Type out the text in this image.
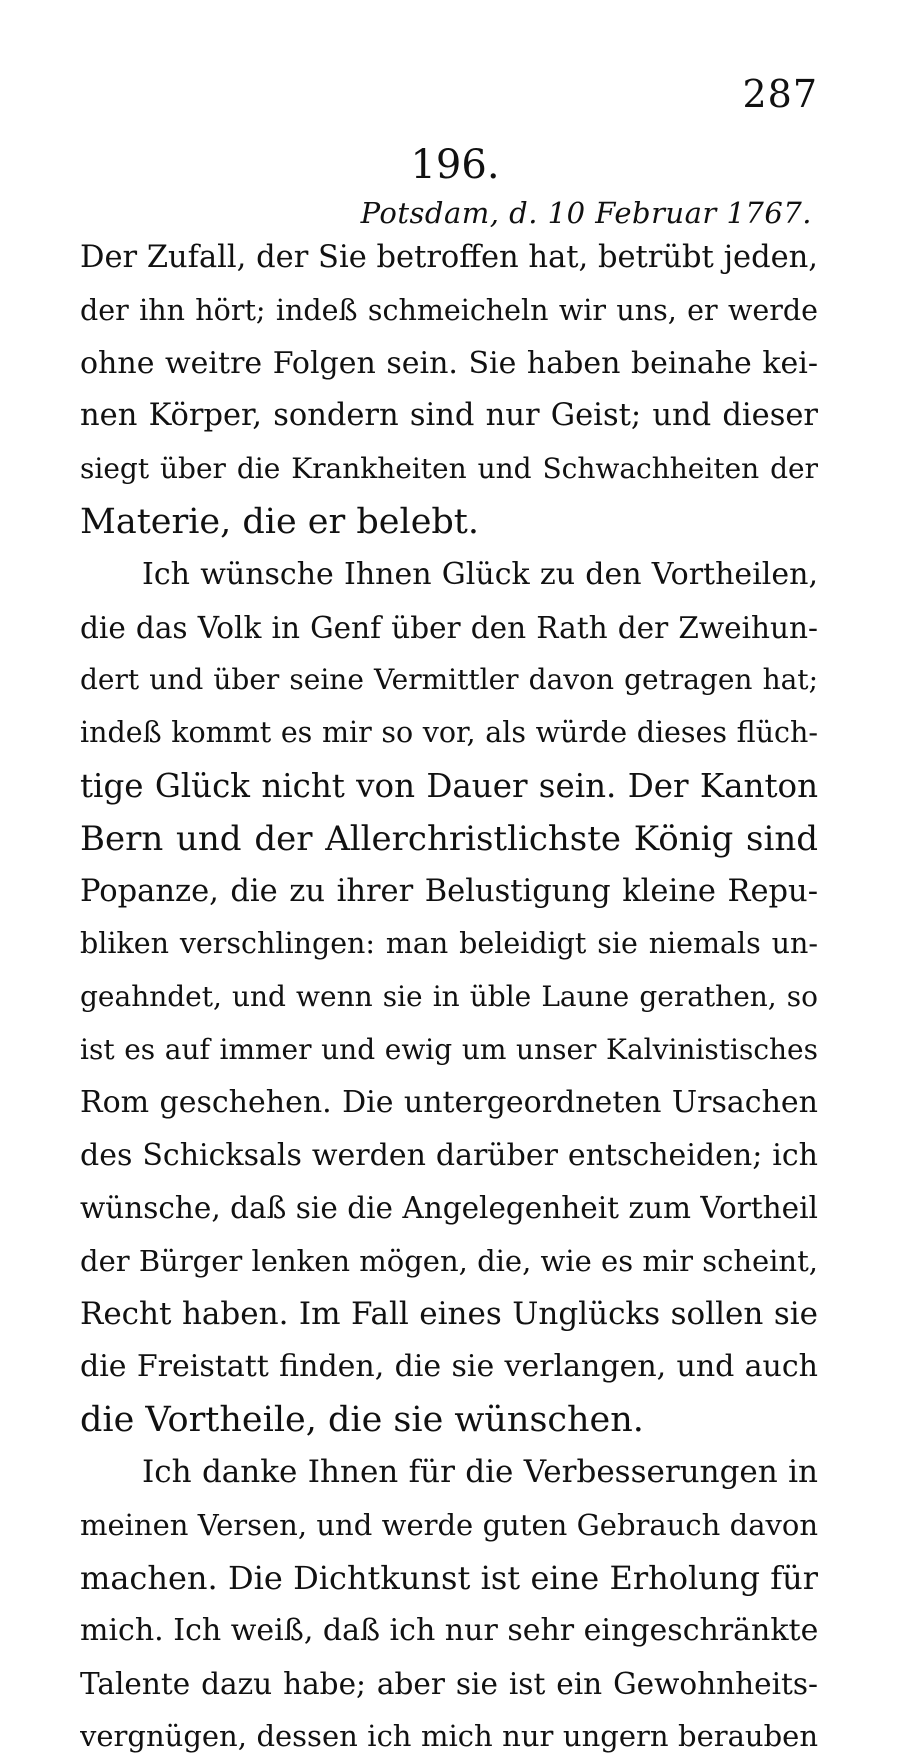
287
196.
Potsdam, d. 10 Februar 1767.
Der Zufall, der Sie betroffen hat, betrübt jeden,
der ihn hört; indeß schmeicheln wir uns, er werde
ohne weitre Folgen sein. Sie haben beinahe kei-
nen Körper, sondern sind nur Geist; und dieser
siegt über die Krankheiten und Schwachheiten der
Materie, die er belebt.
Ich wünsche Ihnen Glück zu den Vortheilen,
die das Volk in Genf über den Rath der Zweihun-
dert und über seine Vermittler davon getragen hat;
indeß kommt es mir so vor, als würde dieses flüch-
tige Glück nicht von Dauer sein. Der Kanton
Bern und der Allerchristlichste König sind
Popanze, die zu ihrer Belustigung kleine Repu-
bliken verschlingen: man beleidigt sie niemals un-
geahndet, und wenn sie in üble Laune gerathen, so
ist es auf immer und ewig um unser Kalvinistisches
Rom geschehen. Die untergeordneten Ursachen
des Schicksals werden darüber entscheiden; ich
wünsche, daß sie die Angelegenheit zum Vortheil
der Bürger lenken mögen, die, wie es mir scheint,
Recht haben. Im Fall eines Unglücks sollen sie
die Freistatt finden, die sie verlangen, und auch
die Vortheile, die sie wünschen.
Ich danke Ihnen für die Verbesserungen in
meinen Versen, und werde guten Gebrauch davon
machen. Die Dichtkunst ist eine Erholung für
mich. Ich weiß, daß ich nur sehr eingeschränkte
Talente dazu habe; aber sie ist ein Gewohnheits-
vergnügen, dessen ich mich nur ungern berauben
